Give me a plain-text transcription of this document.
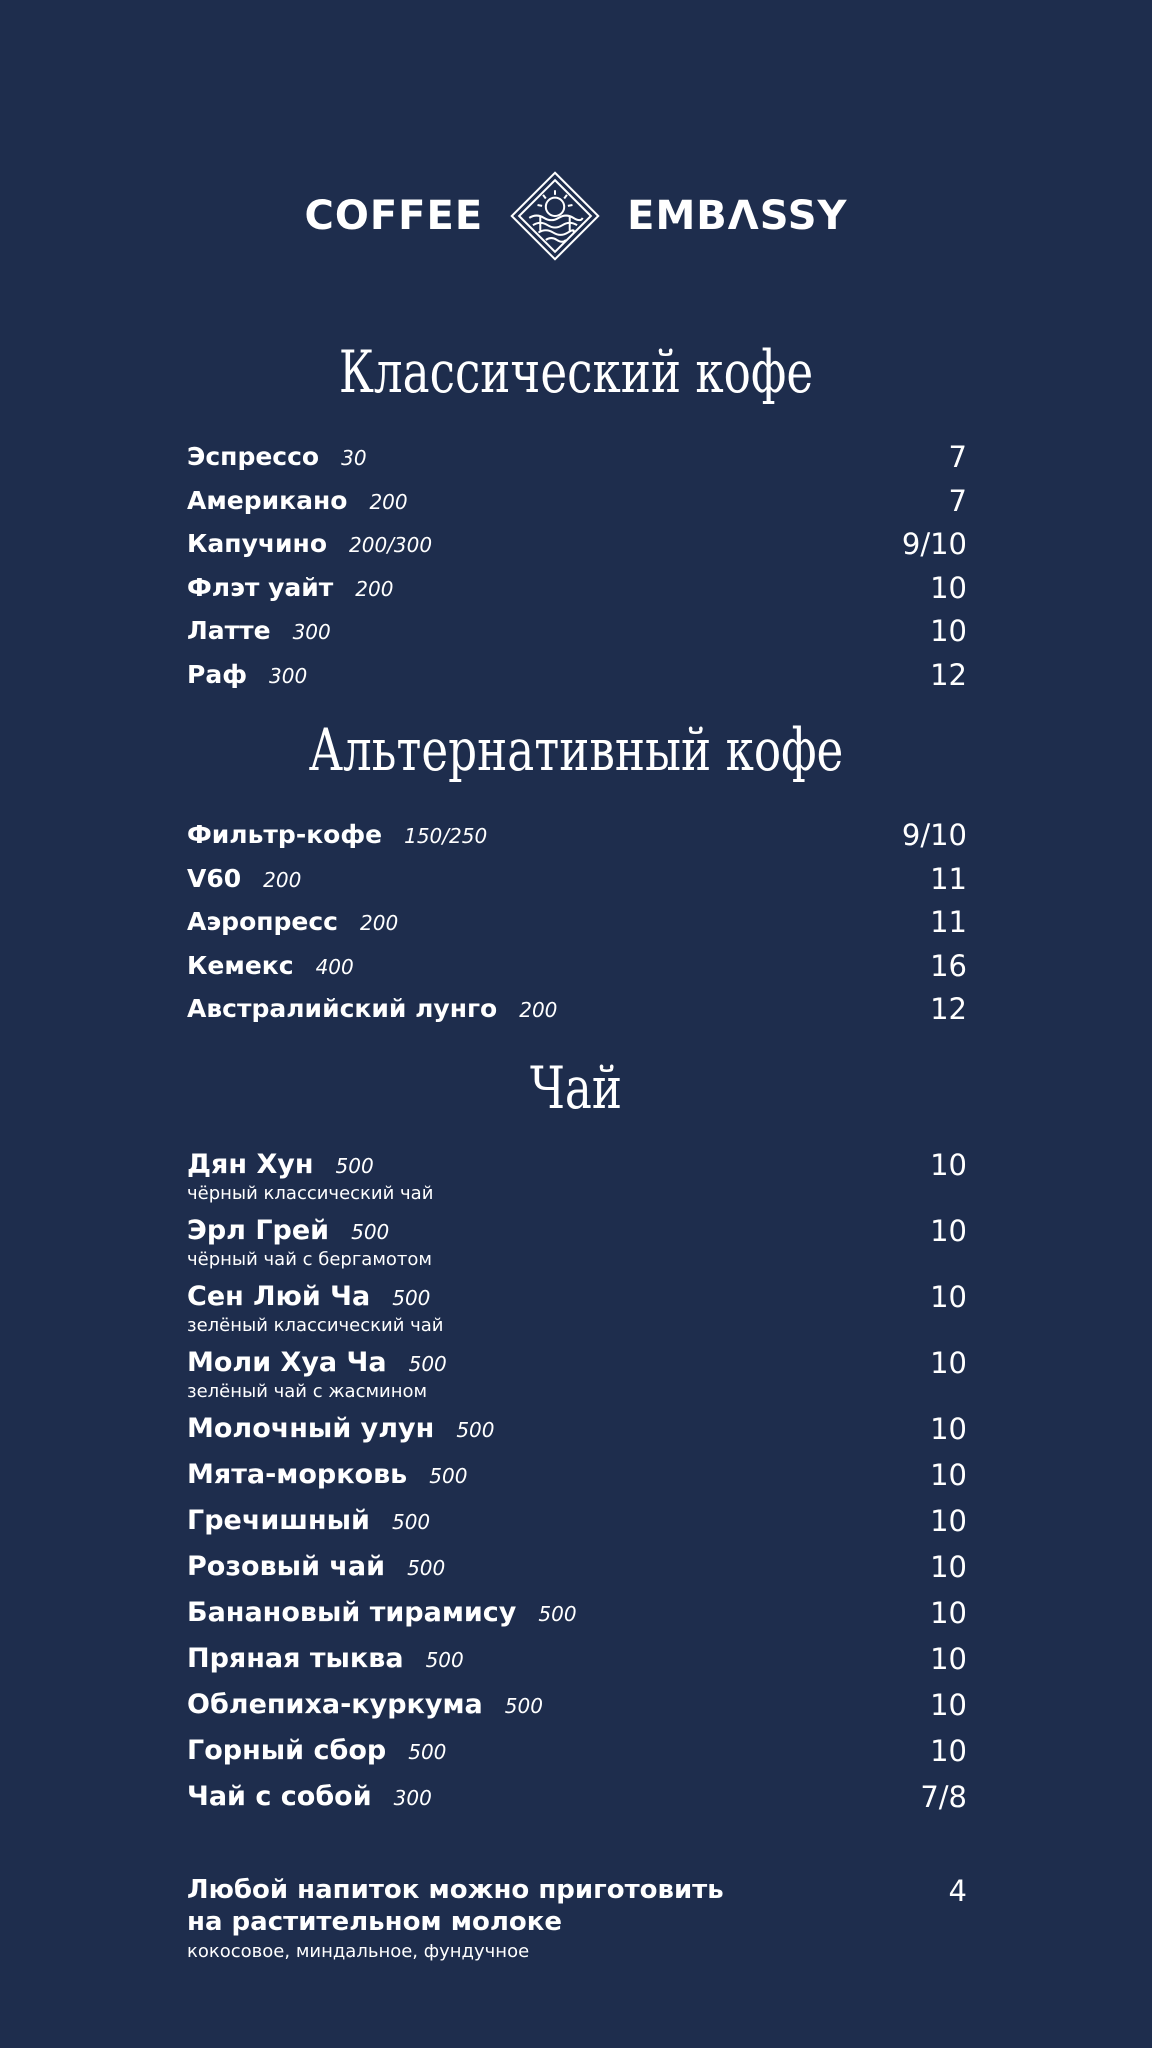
COFFEE	EMBΛSSY
Классический кофе
Эспрессо 30	7
Американо 200	7
Капучино 200/300	9/10
Флэт уайт 200	10
Латте 300	10
Раф 300	12
Альтернативный кофе
Фильтр-кофе 150/250	9/10
V60 200	11
Аэропресс 200	11
Кемекс 400	16
Австралийский лунго 200	12
Чай
Дян Хун 500	10
чёрный классический чай
Эрл Грей 500	10
чёрный чай с бергамотом
Сен Люй Ча 500	10
зелёный классический чай
Моли Хуа Ча 500	10
зелёный чай с жасмином
Молочный улун 500	10
Мята-морковь 500	10
Гречишный 500	10
Розовый чай 500	10
Банановый тирамису 500	10
Пряная тыква 500	10
Облепиха-куркума 500	10
Горный сбор 500	10
Чай с собой 300	7/8
Любой напиток можно приготовить
на растительном молоке
кокосовое, миндальное, фундучное
4
